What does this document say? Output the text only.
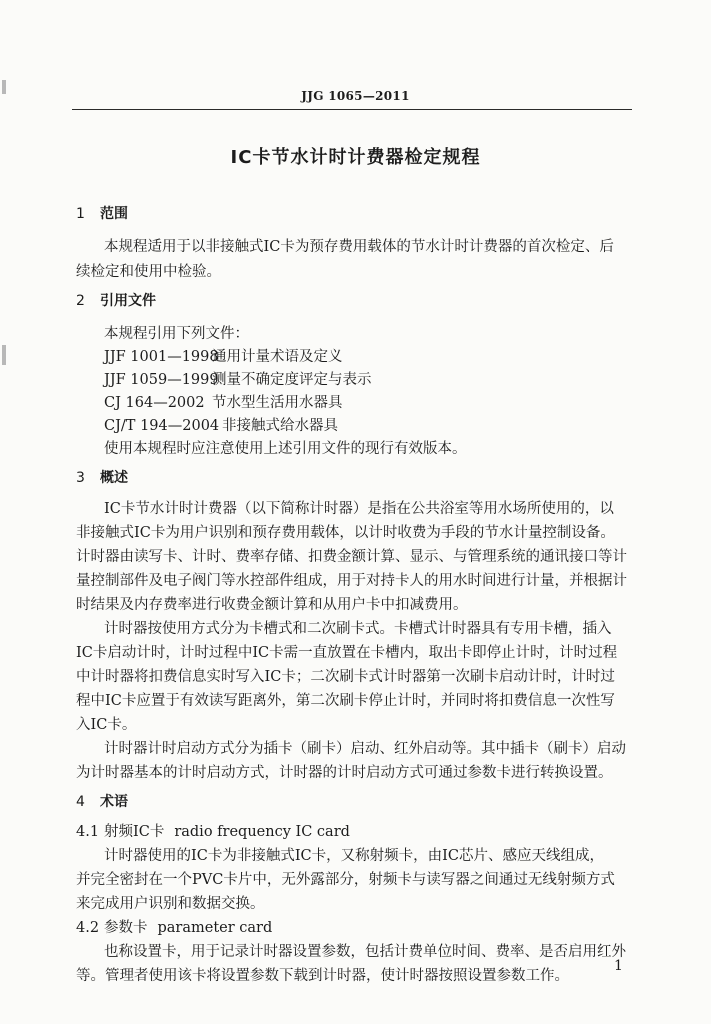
JJG 1065—2011
IC卡节水计时计费器检定规程
1 范围
本规程适用于以非接触式IC卡为预存费用载体的节水计时计费器的首次检定、后
续检定和使用中检验。
2 引用文件
本规程引用下列文件：
JJF 1001—1998通用计量术语及定义
JJF 1059—1999测量不确定度评定与表示
CJ 164—2002 节水型生活用水器具
CJ/T 194—2004 非接触式给水器具
使用本规程时应注意使用上述引用文件的现行有效版本。
3 概述
IC卡节水计时计费器（以下简称计时器）是指在公共浴室等用水场所使用的，以
非接触式IC卡为用户识别和预存费用载体，以计时收费为手段的节水计量控制设备。
计时器由读写卡、计时、费率存储、扣费金额计算、显示、与管理系统的通讯接口等计
量控制部件及电子阀门等水控部件组成，用于对持卡人的用水时间进行计量，并根据计
时结果及内存费率进行收费金额计算和从用户卡中扣减费用。
计时器按使用方式分为卡槽式和二次刷卡式。卡槽式计时器具有专用卡槽，插入
IC卡启动计时，计时过程中IC卡需一直放置在卡槽内，取出卡即停止计时，计时过程
中计时器将扣费信息实时写入IC卡；二次刷卡式计时器第一次刷卡启动计时，计时过
程中IC卡应置于有效读写距离外，第二次刷卡停止计时，并同时将扣费信息一次性写
入IC卡。
计时器计时启动方式分为插卡（刷卡）启动、红外启动等。其中插卡（刷卡）启动
为计时器基本的计时启动方式，计时器的计时启动方式可通过参数卡进行转换设置。
4 术语
4.1 射频IC卡 radio frequency IC card
计时器使用的IC卡为非接触式IC卡，又称射频卡，由IC芯片、感应天线组成，
并完全密封在一个PVC卡片中，无外露部分，射频卡与读写器之间通过无线射频方式
来完成用户识别和数据交换。
4.2 参数卡 parameter card
也称设置卡，用于记录计时器设置参数，包括计费单位时间、费率、是否启用红外
等。管理者使用该卡将设置参数下载到计时器，使计时器按照设置参数工作。
1
